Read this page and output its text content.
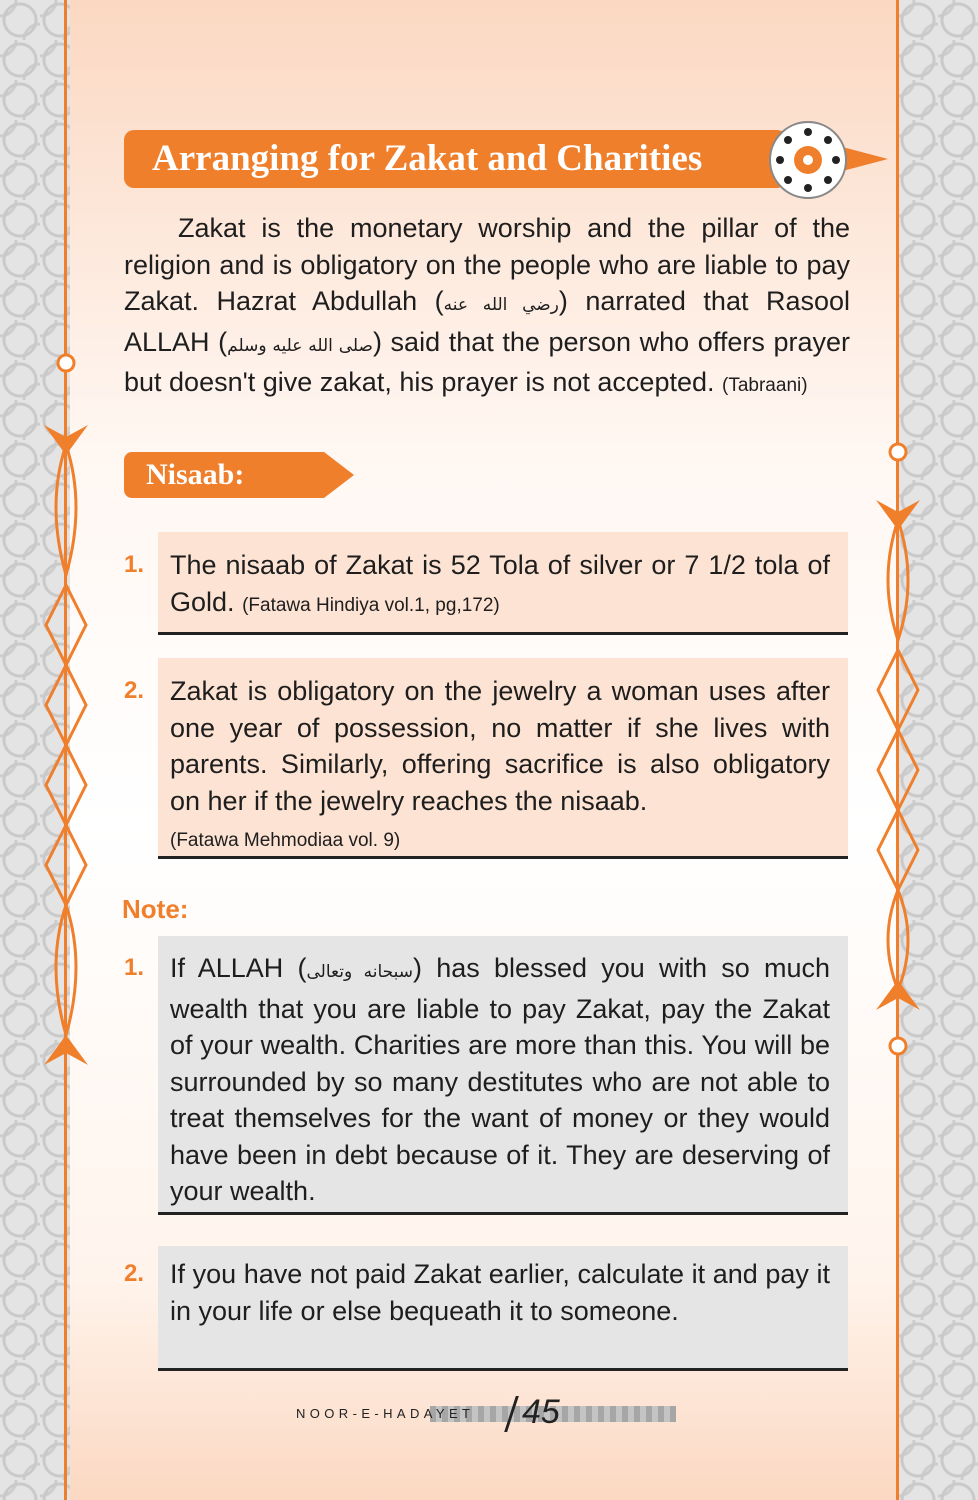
Arranging for Zakat and Charities

Zakat is the monetary worship and the pillar of the religion and is obligatory on the people who are liable to pay Zakat. Hazrat Abdullah (رضي الله عنه) narrated that Rasool ALLAH (صلى الله عليه وسلم) said that the person who offers prayer but doesn't give zakat, his prayer is not accepted. (Tabraani)

Nisaab:
1. The nisaab of Zakat is 52 Tola of silver or 7 1/2 tola of Gold. (Fatawa Hindiya vol.1, pg,172)

2. Zakat is obligatory on the jewelry a woman uses after one year of possession, no matter if she lives with parents. Similarly, offering sacrifice is also obligatory on her if the jewelry reaches the nisaab.
(Fatawa Mehmodiaa vol. 9)

Note:
1. If ALLAH (سبحانه وتعالى) has blessed you with so much wealth that you are liable to pay Zakat, pay the Zakat of your wealth. Charities are more than this. You will be surrounded by so many destitutes who are not able to treat themselves for the want of money or they would have been in debt because of it. They are deserving of your wealth.

2. If you have not paid Zakat earlier, calculate it and pay it in your life or else bequeath it to someone.

NOOR-E-HADAYET 45
